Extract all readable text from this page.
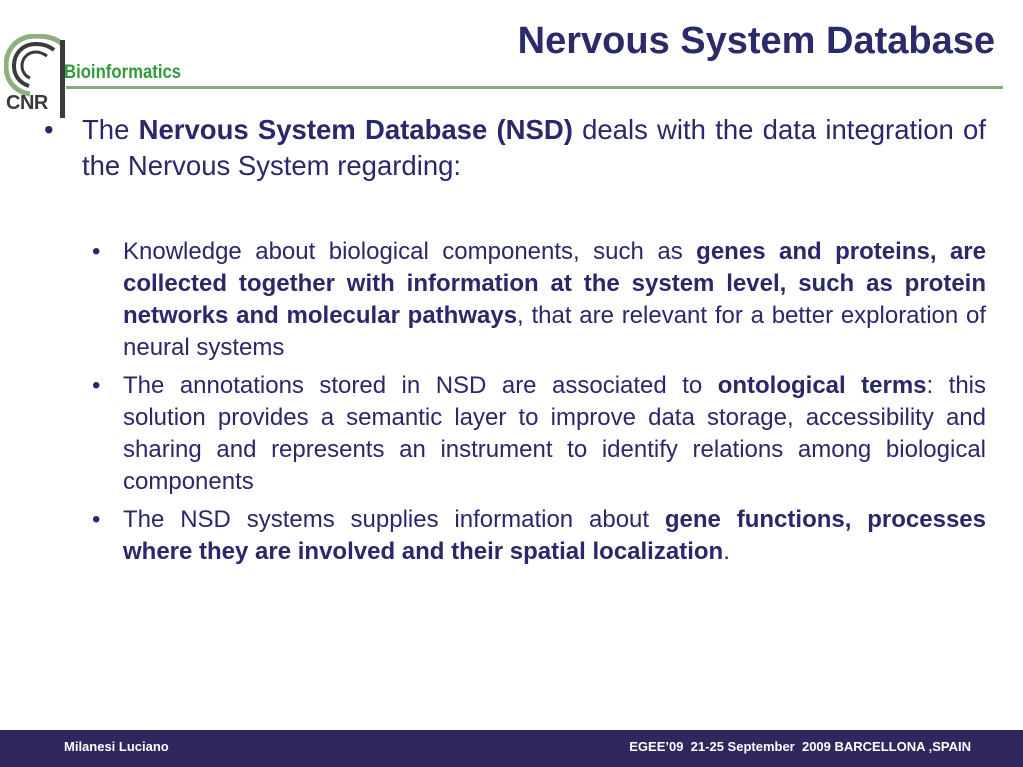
Bioinformatics
CNR
Nervous System Database
• The Nervous System Database (NSD) deals with the data integration of the Nervous System regarding:
• Knowledge about biological components, such as genes and proteins, are collected together with information at the system level, such as protein networks and molecular pathways, that are relevant for a better exploration of neural systems
• The annotations stored in NSD are associated to ontological terms: this solution provides a semantic layer to improve data storage, accessibility and sharing and represents an instrument to identify relations among biological components
• The NSD systems supplies information about gene functions, processes where they are involved and their spatial localization.
Milanesi Luciano	EGEE’09  21-25 September  2009 BARCELLONA ,SPAIN
